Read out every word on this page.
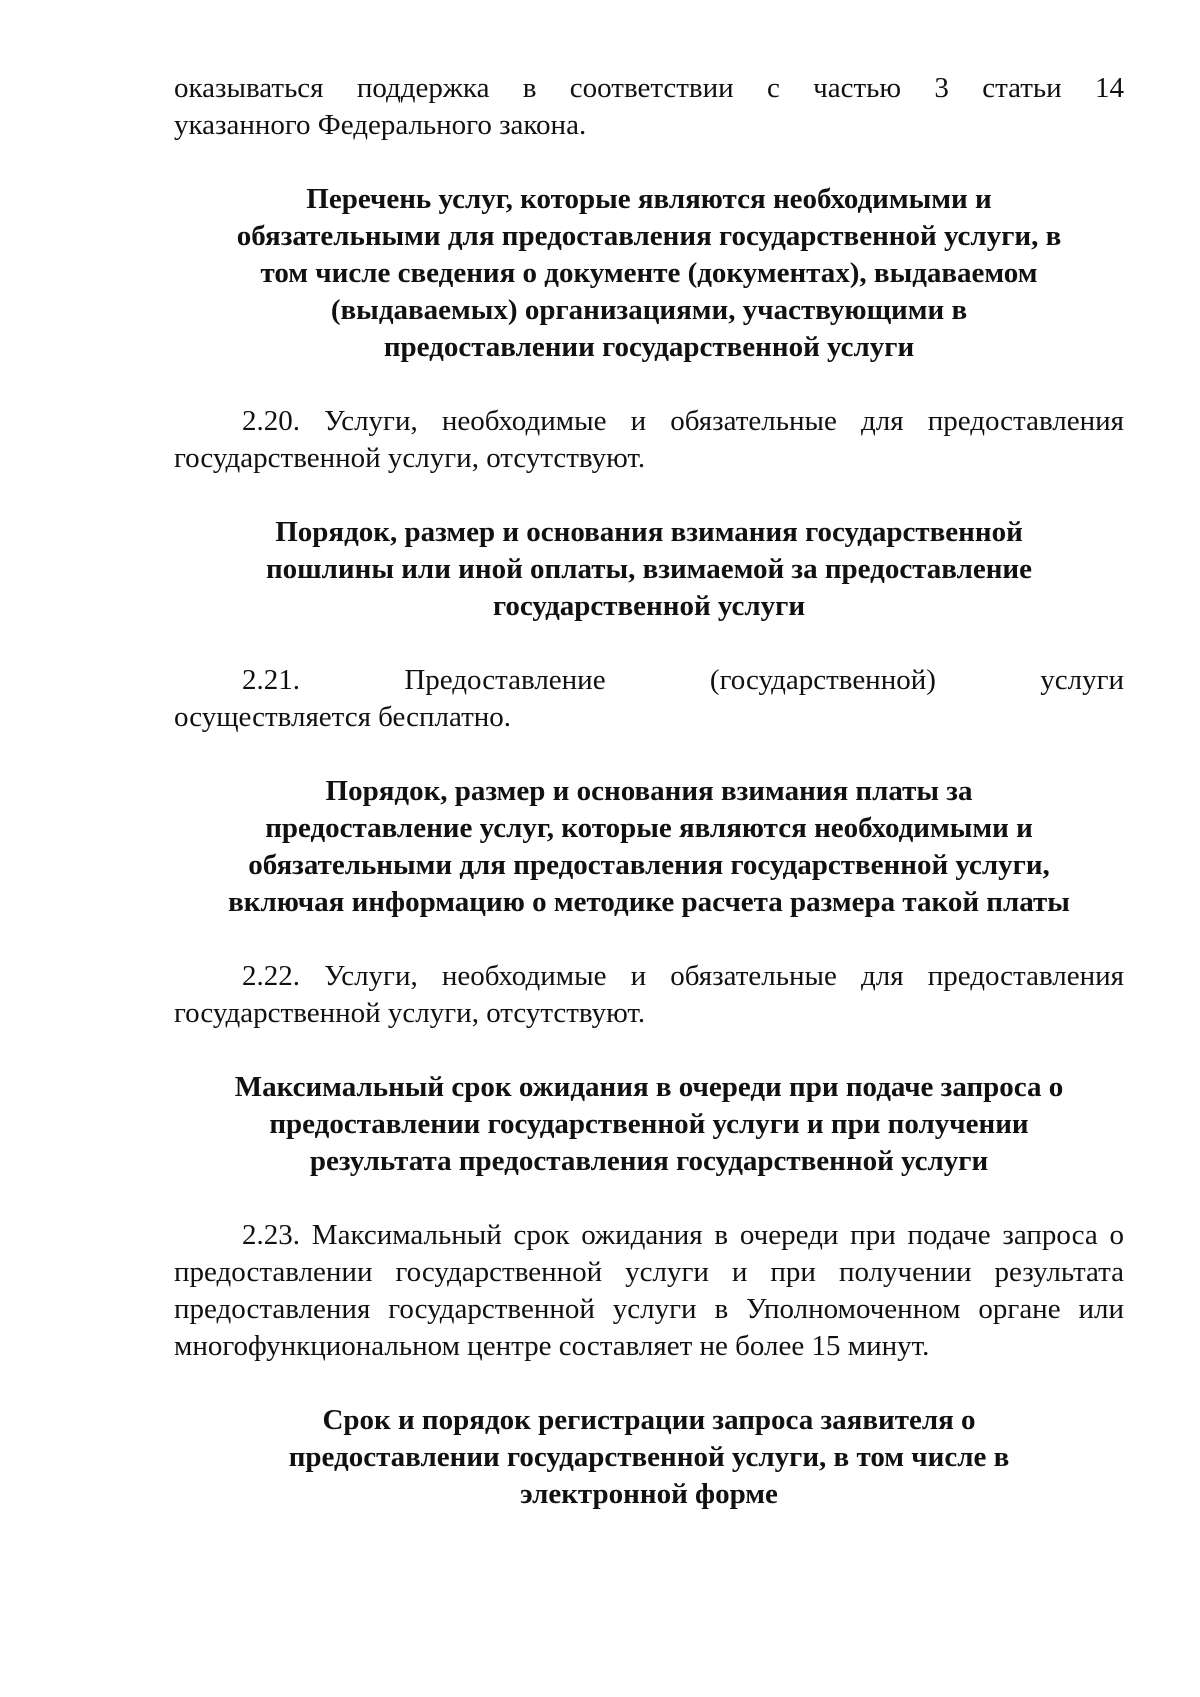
оказываться поддержка в соответствии с частью 3 статьи 14
указанного Федерального закона.

Перечень услуг, которые являются необходимыми и
обязательными для предоставления государственной услуги, в
том числе сведения о документе (документах), выдаваемом
(выдаваемых) организациями, участвующими в
предоставлении государственной услуги

2.20. Услуги, необходимые и обязательные для предоставления государственной услуги, отсутствуют.

Порядок, размер и основания взимания государственной
пошлины или иной оплаты, взимаемой за предоставление
государственной услуги
2.21.	Предоставление	(государственной)	услуги
осуществляется бесплатно.
Порядок, размер и основания взимания платы за
предоставление услуг, которые являются необходимыми и
обязательными для предоставления государственной услуги,
включая информацию о методике расчета размера такой платы

2.22. Услуги, необходимые и обязательные для предоставления государственной услуги, отсутствуют.

Максимальный срок ожидания в очереди при подаче запроса о
предоставлении государственной услуги и при получении
результата предоставления государственной услуги

2.23. Максимальный срок ожидания в очереди при подаче запроса о предоставлении государственной услуги и при получении результата предоставления государственной услуги в Уполномоченном органе или многофункциональном центре составляет не более 15 минут.

Срок и порядок регистрации запроса заявителя о
предоставлении государственной услуги, в том числе в
электронной форме
